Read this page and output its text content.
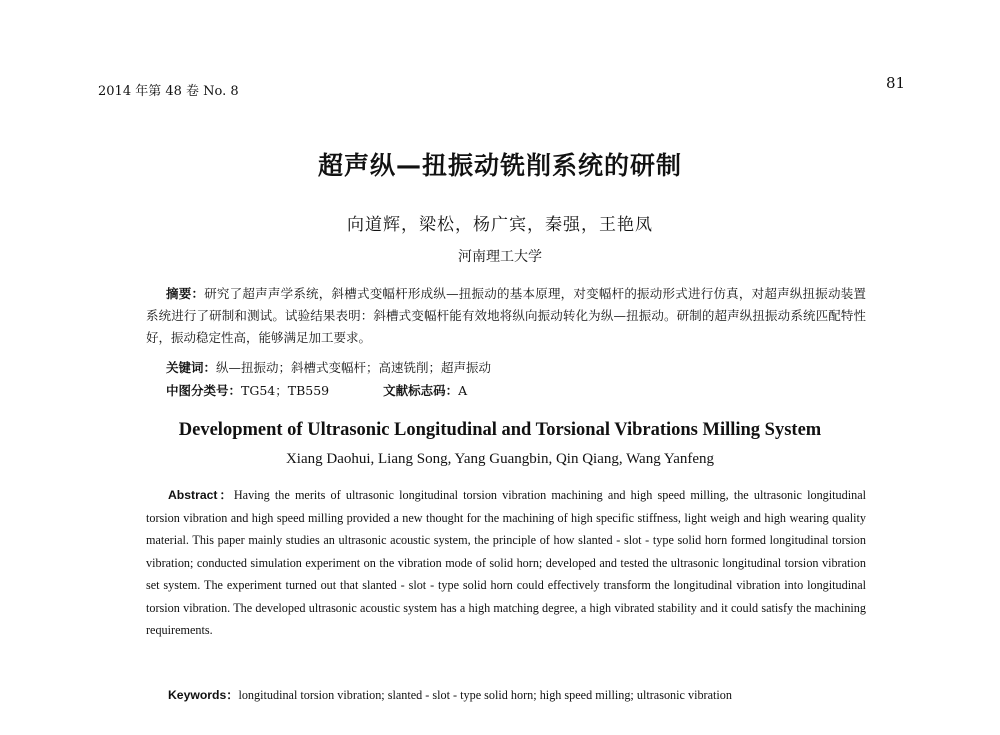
2014 年第 48 卷 No. 8	81
超声纵—扭振动铣削系统的研制
向道辉，梁松，杨广宾，秦强，王艳凤
河南理工大学

摘要：研究了超声声学系统，斜槽式变幅杆形成纵—扭振动的基本原理，对变幅杆的振动形式进行仿真，对超声纵扭振动装置系统进行了研制和测试。试验结果表明：斜槽式变幅杆能有效地将纵向振动转化为纵—扭振动。研制的超声纵扭振动系统匹配特性好，振动稳定性高，能够满足加工要求。

关键词：纵—扭振动；斜槽式变幅杆；高速铣削；超声振动
中图分类号：TG54；TB559	文献标志码：A
Development of Ultrasonic Longitudinal and Torsional Vibrations Milling System
Xiang Daohui, Liang Song, Yang Guangbin, Qin Qiang, Wang Yanfeng

Abstract：Having the merits of ultrasonic longitudinal torsion vibration machining and high speed milling, the ultrasonic longitudinal torsion vibration and high speed milling provided a new thought for the machining of high specific stiffness, light weigh and high wearing quality material. This paper mainly studies an ultrasonic acoustic system, the principle of how slanted - slot - type solid horn formed longitudinal torsion vibration; conducted simulation experiment on the vibration mode of solid horn; developed and tested the ultrasonic longitudinal torsion vibration set system. The experiment turned out that slanted - slot - type solid horn could effectively transform the longitudinal vibration into longitudinal torsion vibration. The developed ultrasonic acoustic system has a high matching degree, a high vibrated stability and it could satisfy the machining requirements.

Keywords：longitudinal torsion vibration; slanted - slot - type solid horn; high speed milling; ultrasonic vibration
